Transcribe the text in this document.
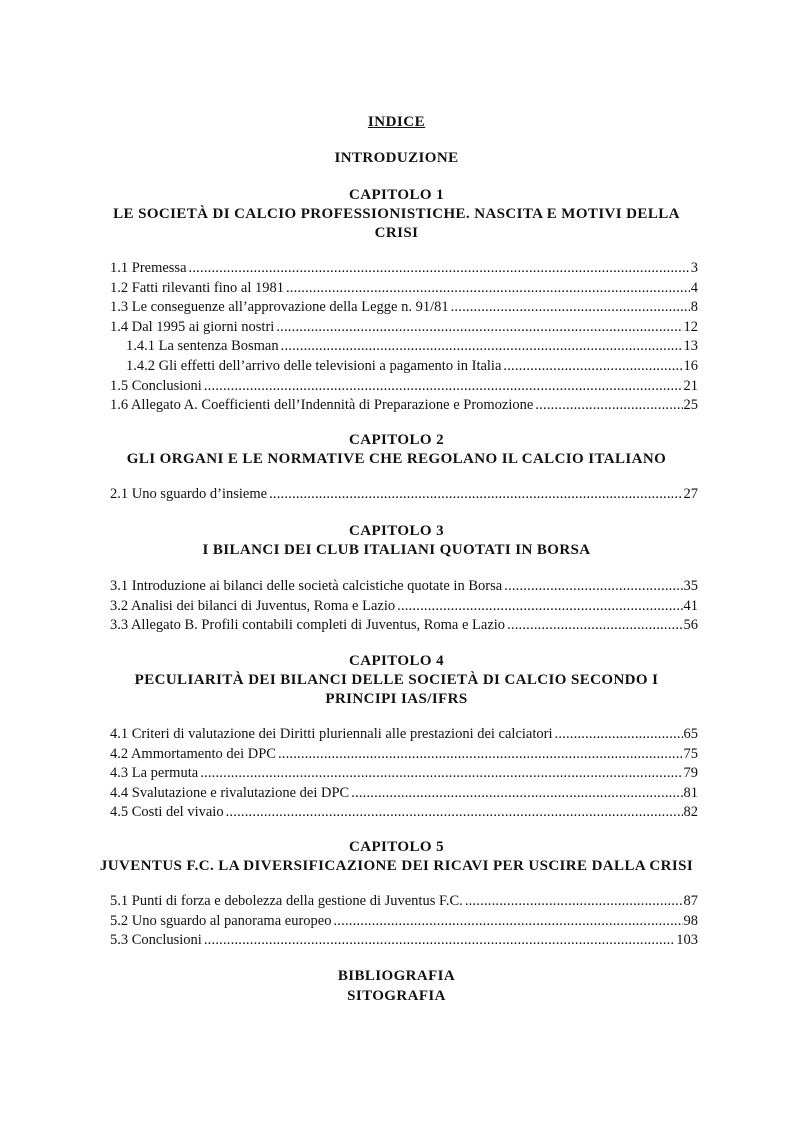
INDICE
INTRODUZIONE
CAPITOLO 1
LE SOCIETÀ DI CALCIO PROFESSIONISTICHE. NASCITA E MOTIVI DELLA CRISI
1.1 Premessa .....	3
1.2 Fatti rilevanti fino al 1981 .....	4
1.3 Le conseguenze all’approvazione della Legge n. 91/81 .....	8
1.4 Dal 1995 ai giorni nostri .....	12
1.4.1 La sentenza Bosman .....	13
1.4.2 Gli effetti dell’arrivo delle televisioni a pagamento in Italia .....	16
1.5 Conclusioni .....	21
1.6 Allegato A. Coefficienti dell’Indennità di Preparazione e Promozione .....	25
CAPITOLO 2
GLI ORGANI E LE NORMATIVE CHE REGOLANO IL CALCIO ITALIANO
2.1 Uno sguardo d’insieme .....	27
CAPITOLO 3
I BILANCI DEI CLUB ITALIANI QUOTATI IN BORSA
3.1 Introduzione ai bilanci delle società calcistiche quotate in Borsa .....	35
3.2 Analisi dei bilanci di Juventus, Roma e Lazio .....	41
3.3 Allegato B. Profili contabili completi di Juventus, Roma e Lazio .....	56
CAPITOLO 4
PECULIARITÀ DEI BILANCI DELLE SOCIETÀ DI CALCIO SECONDO I PRINCIPI IAS/IFRS
4.1 Criteri di valutazione dei Diritti pluriennali alle prestazioni dei calciatori .....	65
4.2 Ammortamento dei DPC .....	75
4.3 La permuta .....	79
4.4 Svalutazione e rivalutazione dei DPC .....	81
4.5 Costi del vivaio .....	82
CAPITOLO 5
JUVENTUS F.C. LA DIVERSIFICAZIONE DEI RICAVI PER USCIRE DALLA CRISI
5.1 Punti di forza e debolezza della gestione di Juventus F.C. .....	87
5.2 Uno sguardo al panorama europeo .....	98
5.3 Conclusioni .....	103
BIBLIOGRAFIA
SITOGRAFIA
